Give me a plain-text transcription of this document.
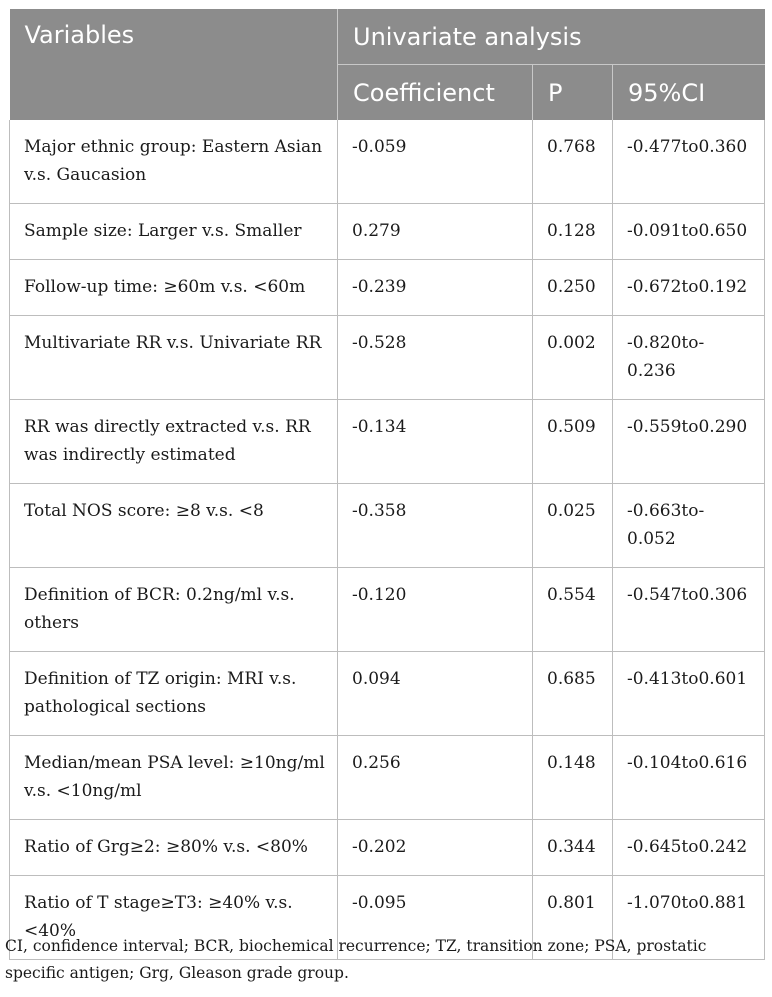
Variables	Univariate analysis		
	Coefficienct	P	95%CI
Major ethnic group: Eastern Asian v.s. Gaucasion	-0.059	0.768	-0.477to0.360
Sample size: Larger v.s. Smaller	0.279	0.128	-0.091to0.650
Follow-up time: ≥60m v.s. <60m	-0.239	0.250	-0.672to0.192
Multivariate RR v.s. Univariate RR	-0.528	0.002	-0.820to-0.236
RR was directly extracted v.s. RR was indirectly estimated	-0.134	0.509	-0.559to0.290
Total NOS score: ≥8 v.s. <8	-0.358	0.025	-0.663to-0.052
Definition of BCR: 0.2ng/ml v.s. others	-0.120	0.554	-0.547to0.306
Definition of TZ origin: MRI v.s. pathological sections	0.094	0.685	-0.413to0.601
Median/mean PSA level: ≥10ng/ml v.s. <10ng/ml	0.256	0.148	-0.104to0.616
Ratio of Grg≥2: ≥80% v.s. <80%	-0.202	0.344	-0.645to0.242
Ratio of T stage≥T3: ≥40% v.s. <40%	-0.095	0.801	-1.070to0.881
CI, confidence interval; BCR, biochemical recurrence; TZ, transition zone; PSA, prostatic specific antigen; Grg, Gleason grade group.
